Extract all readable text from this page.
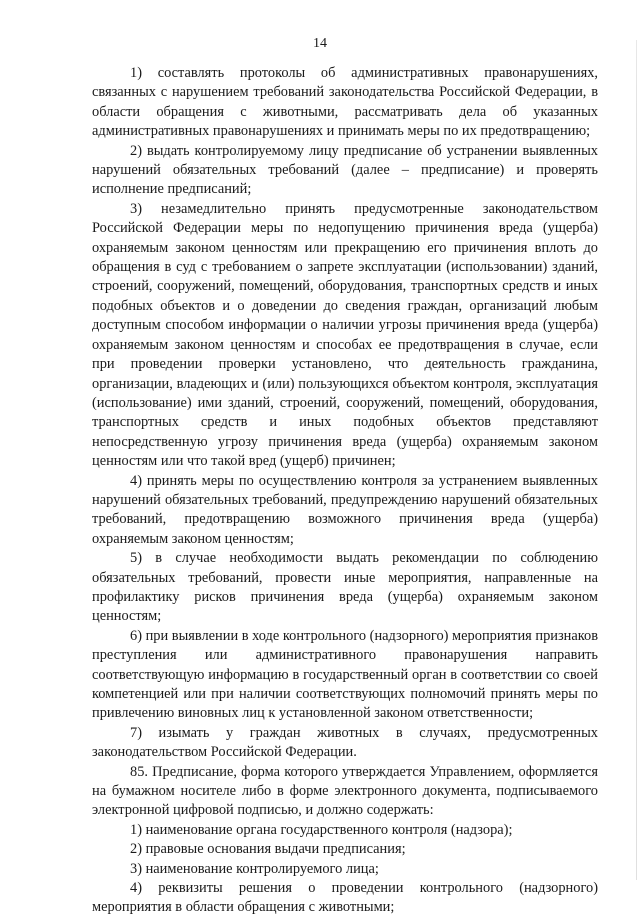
14

1) составлять протоколы об административных правонарушениях, связанных с нарушением требований законодательства Российской Федерации, в области обращения с животными, рассматривать дела об указанных административных правонарушениях и принимать меры по их предотвращению;

2) выдать контролируемому лицу предписание об устранении выявленных нарушений обязательных требований (далее – предписание) и проверять исполнение предписаний;

3) незамедлительно принять предусмотренные законодательством Российской Федерации меры по недопущению причинения вреда (ущерба) охраняемым законом ценностям или прекращению его причинения вплоть до обращения в суд с требованием о запрете эксплуатации (использовании) зданий, строений, сооружений, помещений, оборудования, транспортных средств и иных подобных объектов и о доведении до сведения граждан, организаций любым доступным способом информации о наличии угрозы причинения вреда (ущерба) охраняемым законом ценностям и способах ее предотвращения в случае, если при проведении проверки установлено, что деятельность гражданина, организации, владеющих и (или) пользующихся объектом контроля, эксплуатация (использование) ими зданий, строений, сооружений, помещений, оборудования, транспортных средств и иных подобных объектов представляют непосредственную угрозу причинения вреда (ущерба) охраняемым законом ценностям или что такой вред (ущерб) причинен;

4) принять меры по осуществлению контроля за устранением выявленных нарушений обязательных требований, предупреждению нарушений обязательных требований, предотвращению возможного причинения вреда (ущерба) охраняемым законом ценностям;

5) в случае необходимости выдать рекомендации по соблюдению обязательных требований, провести иные мероприятия, направленные на профилактику рисков причинения вреда (ущерба) охраняемым законом ценностям;

6) при выявлении в ходе контрольного (надзорного) мероприятия признаков преступления или административного правонарушения направить соответствующую информацию в государственный орган в соответствии со своей компетенцией или при наличии соответствующих полномочий принять меры по привлечению виновных лиц к установленной законом ответственности;

7) изымать у граждан животных в случаях, предусмотренных законодательством Российской Федерации.

85. Предписание, форма которого утверждается Управлением, оформляется на бумажном носителе либо в форме электронного документа, подписываемого электронной цифровой подписью, и должно содержать:

1) наименование органа государственного контроля (надзора);

2) правовые основания выдачи предписания;

3) наименование контролируемого лица;

4) реквизиты решения о проведении контрольного (надзорного) мероприятия в области обращения с животными;
